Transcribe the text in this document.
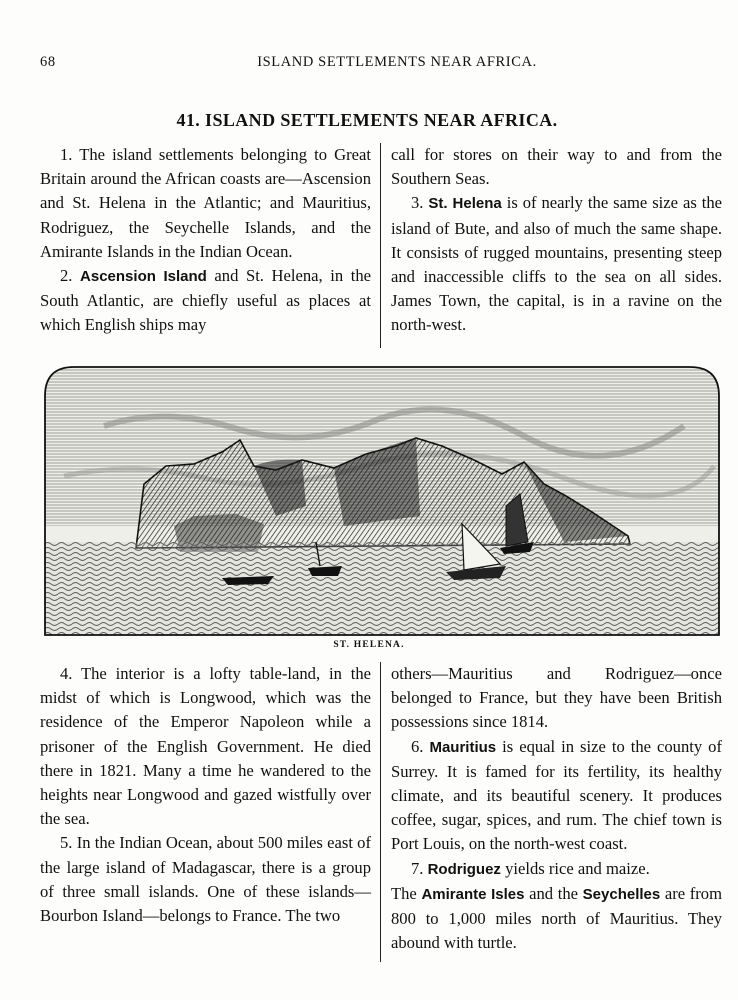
68	ISLAND SETTLEMENTS NEAR AFRICA.
41. ISLAND SETTLEMENTS NEAR AFRICA.

1. The island settlements belonging to Great Britain around the African coasts are—Ascension and St. Helena in the Atlantic; and Mauritius, Rodriguez, the Seychelle Islands, and the Amirante Islands in the Indian Ocean.

2. Ascension Island and St. Helena, in the South Atlantic, are chiefly useful as places at which English ships may

call for stores on their way to and from the Southern Seas.

3. St. Helena is of nearly the same size as the island of Bute, and also of much the same shape. It consists of rugged mountains, presenting steep and inaccessible cliffs to the sea on all sides. James Town, the capital, is in a ravine on the north-west.

ST. HELENA.

4. The interior is a lofty table-land, in the midst of which is Longwood, which was the residence of the Emperor Napoleon while a prisoner of the English Government. He died there in 1821. Many a time he wandered to the heights near Longwood and gazed wistfully over the sea.

5. In the Indian Ocean, about 500 miles east of the large island of Madagascar, there is a group of three small islands. One of these islands—Bourbon Island—belongs to France. The two

others—Mauritius and Rodriguez—once belonged to France, but they have been British possessions since 1814.

6. Mauritius is equal in size to the county of Surrey. It is famed for its fertility, its healthy climate, and its beautiful scenery. It produces coffee, sugar, spices, and rum. The chief town is Port Louis, on the north-west coast.

7. Rodriguez yields rice and maize.

The Amirante Isles and the Seychelles are from 800 to 1,000 miles north of Mauritius. They abound with turtle.
